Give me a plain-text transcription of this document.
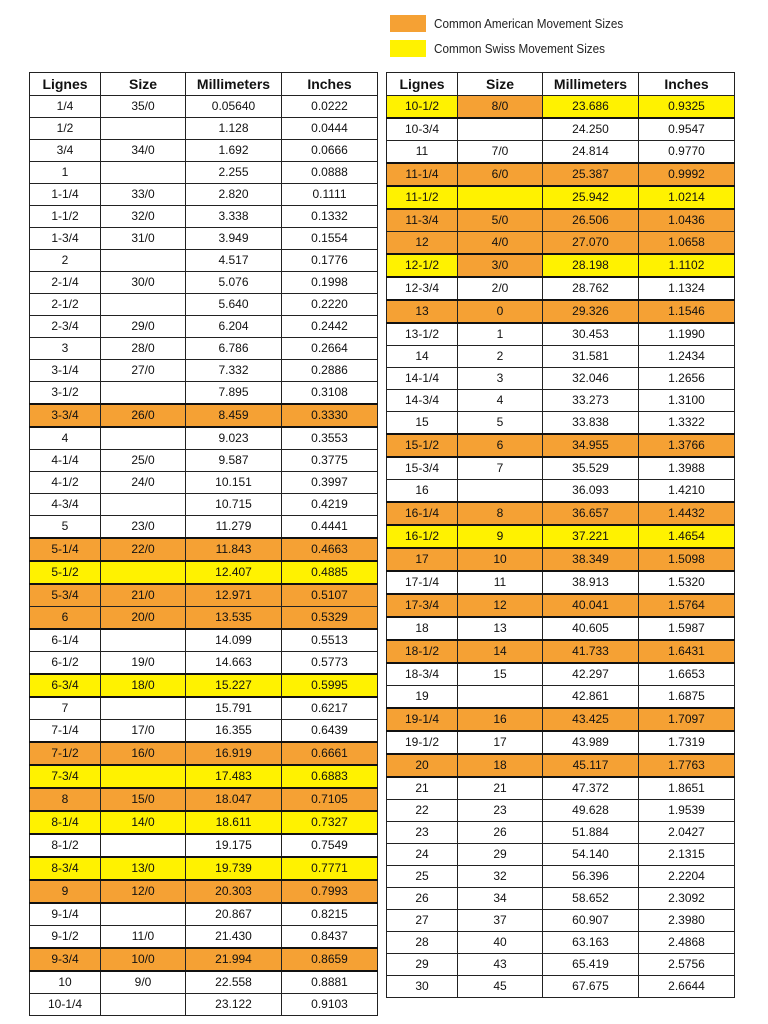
Common American Movement Sizes
Common Swiss Movement Sizes
Lignes	Size	Millimeters	Inches
1/4	35/0	0.05640	0.0222
1/2		1.128	0.0444
3/4	34/0	1.692	0.0666
1		2.255	0.0888
1-1/4	33/0	2.820	0.1111
1-1/2	32/0	3.338	0.1332
1-3/4	31/0	3.949	0.1554
2		4.517	0.1776
2-1/4	30/0	5.076	0.1998
2-1/2		5.640	0.2220
2-3/4	29/0	6.204	0.2442
3	28/0	6.786	0.2664
3-1/4	27/0	7.332	0.2886
3-1/2		7.895	0.3108
3-3/4	26/0	8.459	0.3330
4		9.023	0.3553
4-1/4	25/0	9.587	0.3775
4-1/2	24/0	10.151	0.3997
4-3/4		10.715	0.4219
5	23/0	11.279	0.4441
5-1/4	22/0	11.843	0.4663
5-1/2		12.407	0.4885
5-3/4	21/0	12.971	0.5107
6	20/0	13.535	0.5329
6-1/4		14.099	0.5513
6-1/2	19/0	14.663	0.5773
6-3/4	18/0	15.227	0.5995
7		15.791	0.6217
7-1/4	17/0	16.355	0.6439
7-1/2	16/0	16.919	0.6661
7-3/4		17.483	0.6883
8	15/0	18.047	0.7105
8-1/4	14/0	18.611	0.7327
8-1/2		19.175	0.7549
8-3/4	13/0	19.739	0.7771
9	12/0	20.303	0.7993
9-1/4		20.867	0.8215
9-1/2	11/0	21.430	0.8437
9-3/4	10/0	21.994	0.8659
10	9/0	22.558	0.8881
10-1/4		23.122	0.9103
Lignes	Size	Millimeters	Inches
10-1/2	8/0	23.686	0.9325
10-3/4		24.250	0.9547
11	7/0	24.814	0.9770
11-1/4	6/0	25.387	0.9992
11-1/2		25.942	1.0214
11-3/4	5/0	26.506	1.0436
12	4/0	27.070	1.0658
12-1/2	3/0	28.198	1.1102
12-3/4	2/0	28.762	1.1324
13	0	29.326	1.1546
13-1/2	1	30.453	1.1990
14	2	31.581	1.2434
14-1/4	3	32.046	1.2656
14-3/4	4	33.273	1.3100
15	5	33.838	1.3322
15-1/2	6	34.955	1.3766
15-3/4	7	35.529	1.3988
16		36.093	1.4210
16-1/4	8	36.657	1.4432
16-1/2	9	37.221	1.4654
17	10	38.349	1.5098
17-1/4	11	38.913	1.5320
17-3/4	12	40.041	1.5764
18	13	40.605	1.5987
18-1/2	14	41.733	1.6431
18-3/4	15	42.297	1.6653
19		42.861	1.6875
19-1/4	16	43.425	1.7097
19-1/2	17	43.989	1.7319
20	18	45.117	1.7763
21	21	47.372	1.8651
22	23	49.628	1.9539
23	26	51.884	2.0427
24	29	54.140	2.1315
25	32	56.396	2.2204
26	34	58.652	2.3092
27	37	60.907	2.3980
28	40	63.163	2.4868
29	43	65.419	2.5756
30	45	67.675	2.6644
